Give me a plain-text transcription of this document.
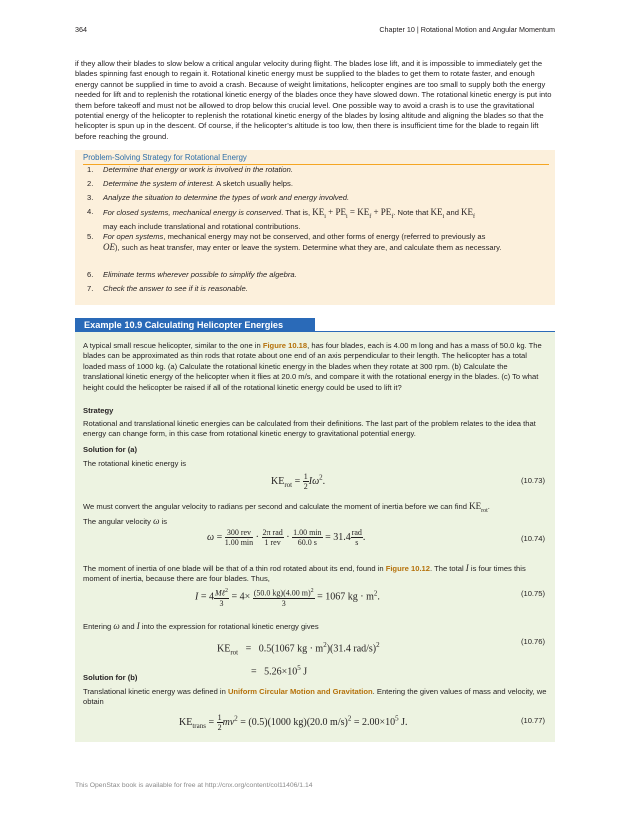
364	Chapter 10 | Rotational Motion and Angular Momentum

if they allow their blades to slow below a critical angular velocity during flight. The blades lose lift, and it is impossible to immediately get the blades spinning fast enough to regain it. Rotational kinetic energy must be supplied to the blades to get them to rotate faster, and enough energy cannot be supplied in time to avoid a crash. Because of weight limitations, helicopter engines are too small to supply both the energy needed for lift and to replenish the rotational kinetic energy of the blades once they have slowed down. The rotational kinetic energy is put into them before takeoff and must not be allowed to drop below this crucial level. One possible way to avoid a crash is to use the gravitational potential energy of the helicopter to replenish the rotational kinetic energy of the blades by losing altitude and aligning the blades so that the helicopter is spun up in the descent. Of course, if the helicopter’s altitude is too low, then there is insufficient time for the blade to regain lift before reaching the ground.

Problem-Solving Strategy for Rotational Energy
1. Determine that energy or work is involved in the rotation.
2. Determine the system of interest. A sketch usually helps.
3. Analyze the situation to determine the types of work and energy involved.
4. For closed systems, mechanical energy is conserved. That is, $KE_i + PE_i = KE_f + PE_f$. Note that $KE_i$ and $KE_f$
may each include translational and rotational contributions.
5. For open systems, mechanical energy may not be conserved, and other forms of energy (referred to previously as
OE), such as heat transfer, may enter or leave the system. Determine what they are, and calculate them as necessary.
6. Eliminate terms wherever possible to simplify the algebra.
7. Check the answer to see if it is reasonable.
Example 10.9 Calculating Helicopter Energies

A typical small rescue helicopter, similar to the one in Figure 10.18, has four blades, each is 4.00 m long and has a mass of 50.0 kg. The blades can be approximated as thin rods that rotate about one end of an axis perpendicular to their length. The helicopter has a total loaded mass of 1000 kg. (a) Calculate the rotational kinetic energy in the blades when they rotate at 300 rpm. (b) Calculate the translational kinetic energy of the helicopter when it flies at 20.0 m/s, and compare it with the rotational energy in the blades. (c) To what height could the helicopter be raised if all of the rotational kinetic energy could be used to lift it?

Strategy

Rotational and translational kinetic energies can be calculated from their definitions. The last part of the problem relates to the idea that energy can change form, in this case from rotational kinetic energy to gravitational potential energy.

Solution for (a)

The rotational kinetic energy is

$KE_{rot} = \frac{1}{2} I\omega^2$.	(10.73)

We must convert the angular velocity to radians per second and calculate the moment of inertia before we can find $KE_{rot}$.

The angular velocity ω is

$\omega = \frac{\text{300 rev}}{1.00 \min} \cdot \frac{\text{2π rad}}{\text{1 rev}} \cdot \frac{1.00 \min}{60.0 s} = 31.4 \frac{\text{rad}}{s}$ .	(10.74)

The moment of inertia of one blade will be that of a thin rod rotated about its end, found in Figure 10.12. The total I is four times this moment of inertia, because there are four blades. Thus,

$I = 4 \frac{M\ell^2}{3} = 4\times \frac{(50.0 kg)(4.00 m)^2}{3} = 1067$ kg · $m^2$.	(10.75)

Entering ω and I into the expression for rotational kinetic energy gives

$KE_{rot} = 0.5(1067$ kg · $m^2)(31.4$ rad/s)$^2$
=   $5.26\times 10^5$ J
(10.76)

Solution for (b)

Translational kinetic energy was defined in Uniform Circular Motion and Gravitation. Entering the given values of mass and velocity, we obtain

$KE_{trans} = \frac{1}{2} mv^2 = (0.5)(1000$ kg)(20.0 $m/s)^2 = 2.00\times 10^5$ J.	(10.77)
This OpenStax book is available for free at http://cnx.org/content/col11406/1.14
